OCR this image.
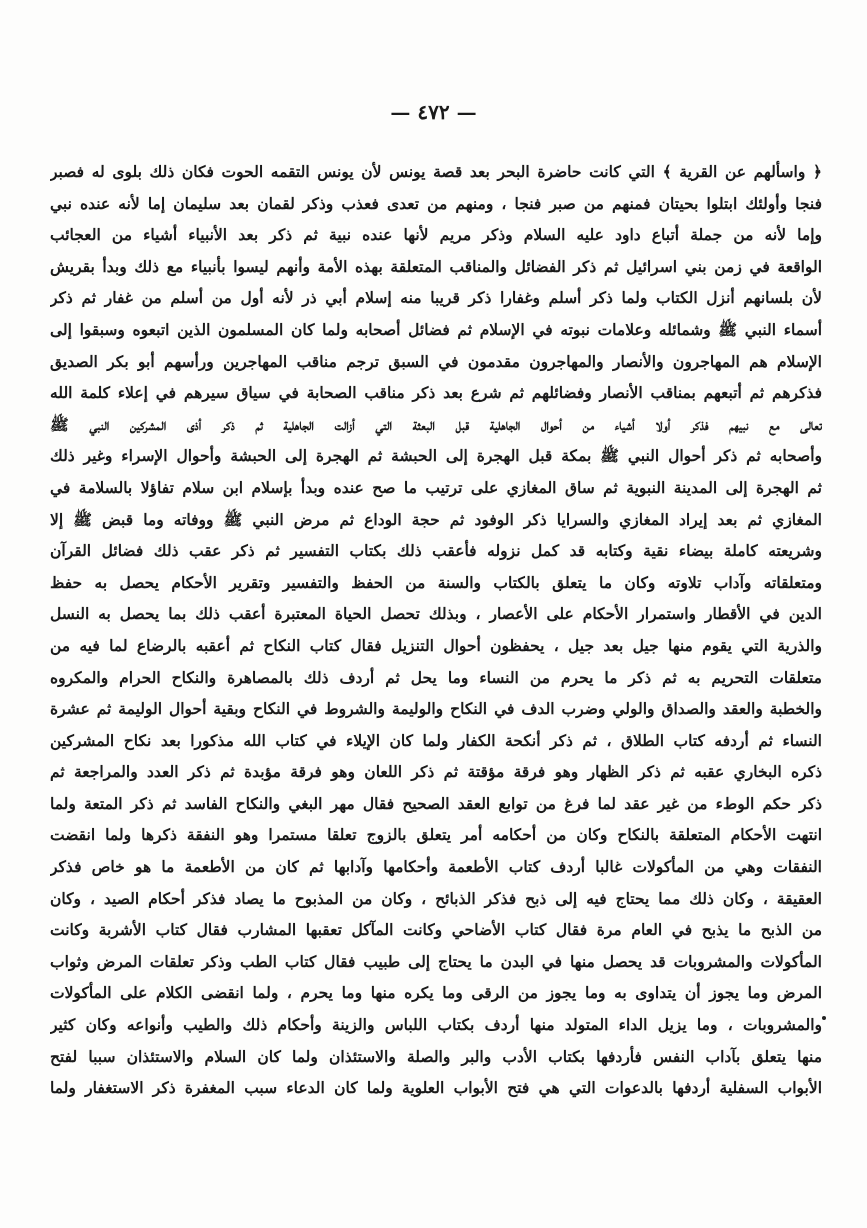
— ٤٧٢ —
﴿ واسألهم عن القرية ﴾ التي كانت حاضرة البحر بعد قصة يونس لأن يونس التقمه الحوت فكان ذلك بلوى له فصبر
فنجا وأولئك ابتلوا بحيتان فمنهم من صبر فنجا ، ومنهم من تعدى فعذب وذكر لقمان بعد سليمان إما لأنه عنده نبي
وإما لأنه من جملة أتباع داود عليه السلام وذكر مريم لأنها عنده نبية ثم ذكر بعد الأنبياء أشياء من العجائب
الواقعة في زمن بني اسرائيل ثم ذكر الفضائل والمناقب المتعلقة بهذه الأمة وأنهم ليسوا بأنبياء مع ذلك وبدأ بقريش
لأن بلسانهم أنزل الكتاب ولما ذكر أسلم وغفارا ذكر قريبا منه إسلام أبي ذر لأنه أول من أسلم من غفار ثم ذكر
أسماء النبي ﷺ وشمائله وعلامات نبوته في الإسلام ثم فضائل أصحابه ولما كان المسلمون الذين اتبعوه وسبقوا إلى
الإسلام هم المهاجرون والأنصار والمهاجرون مقدمون في السبق ترجم مناقب المهاجرين ورأسهم أبو بكر الصديق
فذكرهم ثم أتبعهم بمناقب الأنصار وفضائلهم ثم شرع بعد ذكر مناقب الصحابة في سياق سيرهم في إعلاء كلمة الله
تعالى مع نبيهم فذكر أولا أشياء من أحوال الجاهلية قبل البعثة التي أزالت الجاهلية ثم ذكر أذى المشركين النبي ﷺ
وأصحابه ثم ذكر أحوال النبي ﷺ بمكة قبل الهجرة إلى الحبشة ثم الهجرة إلى الحبشة وأحوال الإسراء وغير ذلك
ثم الهجرة إلى المدينة النبوية ثم ساق المغازي على ترتيب ما صح عنده وبدأ بإسلام ابن سلام تفاؤلا بالسلامة في
المغازي ثم بعد إيراد المغازي والسرايا ذكر الوفود ثم حجة الوداع ثم مرض النبي ﷺ ووفاته وما قبض ﷺ إلا
وشريعته كاملة بيضاء نقية وكتابه قد كمل نزوله فأعقب ذلك بكتاب التفسير ثم ذكر عقب ذلك فضائل القرآن
ومتعلقاته وآداب تلاوته وكان ما يتعلق بالكتاب والسنة من الحفظ والتفسير وتقرير الأحكام يحصل به حفظ
الدين في الأقطار واستمرار الأحكام على الأعصار ، وبذلك تحصل الحياة المعتبرة أعقب ذلك بما يحصل به النسل
والذرية التي يقوم منها جيل بعد جيل ، يحفظون أحوال التنزيل فقال كتاب النكاح ثم أعقبه بالرضاع لما فيه من
متعلقات التحريم به ثم ذكر ما يحرم من النساء وما يحل ثم أردف ذلك بالمصاهرة والنكاح الحرام والمكروه
والخطبة والعقد والصداق والولي وضرب الدف في النكاح والوليمة والشروط في النكاح وبقية أحوال الوليمة ثم عشرة
النساء ثم أردفه كتاب الطلاق ، ثم ذكر أنكحة الكفار ولما كان الإيلاء في كتاب الله مذكورا بعد نكاح المشركين
ذكره البخاري عقبه ثم ذكر الظهار وهو فرقة مؤقتة ثم ذكر اللعان وهو فرقة مؤبدة ثم ذكر العدد والمراجعة ثم
ذكر حكم الوطء من غير عقد لما فرغ من توابع العقد الصحيح فقال مهر البغي والنكاح الفاسد ثم ذكر المتعة ولما
انتهت الأحكام المتعلقة بالنكاح وكان من أحكامه أمر يتعلق بالزوج تعلقا مستمرا وهو النفقة ذكرها ولما انقضت
النفقات وهي من المأكولات غالبا أردف كتاب الأطعمة وأحكامها وآدابها ثم كان من الأطعمة ما هو خاص فذكر
العقيقة ، وكان ذلك مما يحتاج فيه إلى ذبح فذكر الذبائح ، وكان من المذبوح ما يصاد فذكر أحكام الصيد ، وكان
من الذبح ما يذبح في العام مرة فقال كتاب الأضاحي وكانت المآكل تعقبها المشارب فقال كتاب الأشربة وكانت
المأكولات والمشروبات قد يحصل منها في البدن ما يحتاج إلى طبيب فقال كتاب الطب وذكر تعلقات المرض وثواب
المرض وما يجوز أن يتداوى به وما يجوز من الرقى وما يكره منها وما يحرم ، ولما انقضى الكلام على المأكولات
والمشروبات ، وما يزيل الداء المتولد منها أردف بكتاب اللباس والزينة وأحكام ذلك والطيب وأنواعه وكان كثير
منها يتعلق بآداب النفس فأردفها بكتاب الأدب والبر والصلة والاستئذان ولما كان السلام والاستئذان سببا لفتح
الأبواب السفلية أردفها بالدعوات التي هي فتح الأبواب العلوية ولما كان الدعاء سبب المغفرة ذكر الاستغفار ولما
